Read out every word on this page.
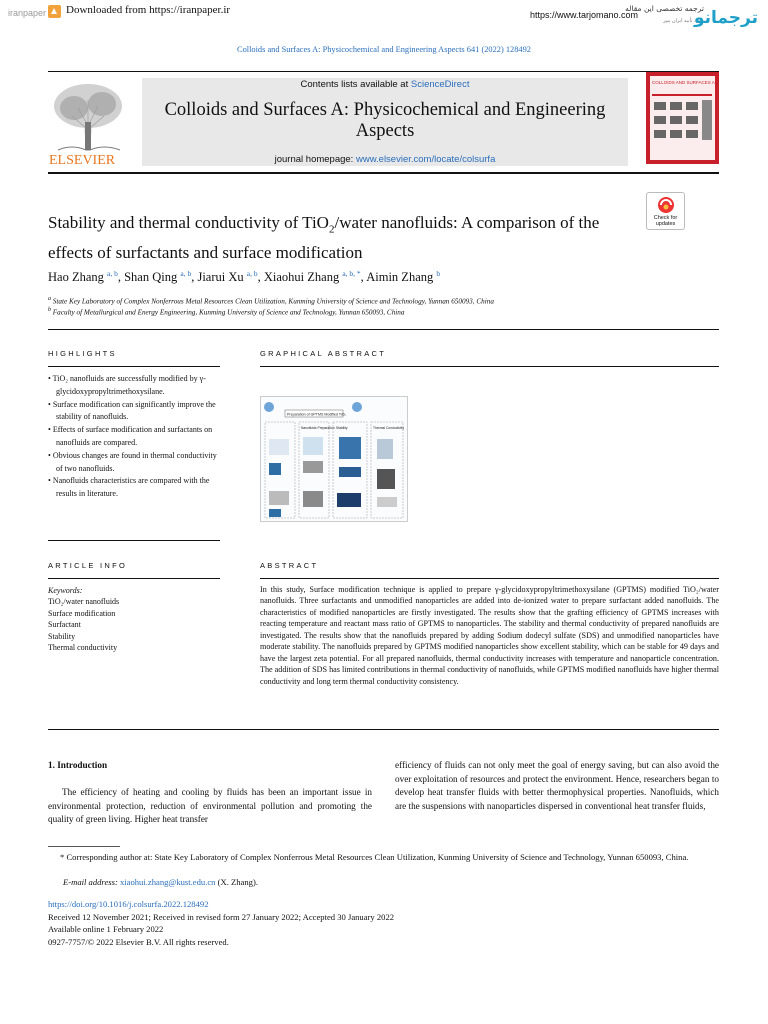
iranpaper Downloaded from https://iranpaper.ir	https://www.tarjomano.com
ترجمه تخصصی این مقاله
مورد تأیید ایران پیپر
ترجمانو
Colloids and Surfaces A: Physicochemical and Engineering Aspects 641 (2022) 128492
ELSEVIER
Contents lists available at ScienceDirect
Colloids and Surfaces A: Physicochemical and Engineering Aspects
journal homepage: www.elsevier.com/locate/colsurfa
COLLOIDS AND SURFACES A
Stability and thermal conductivity of TiO$_2$/water nanofluids: A comparison of the effects of surfactants and surface modification
Check for updates
Hao Zhang $^{a, b}$, Shan Qing $^{a, b}$, Jiarui Xu $^{a, b}$, Xiaohui Zhang $^{a, b, *}$, Aimin Zhang $^b$
$^a$ State Key Laboratory of Complex Nonferrous Metal Resources Clean Utilization, Kunming University of Science and Technology, Yunnan 650093, China
$^b$ Faculty of Metallurgical and Energy Engineering, Kunming University of Science and Technology, Yunnan 650093, China
HIGHLIGHTS
• TiO₂ nanofluids are successfully modified by γ-glycidoxypropyltrimethoxysilane.
• Surface modification can significantly improve the stability of nanofluids.
• Effects of surface modification and surfactants on nanofluids are compared.
• Obvious changes are found in thermal conductivity of two nanofluids.
• Nanofluids characteristics are compared with the results in literature.
GRAPHICAL ABSTRACT
Preparation of GPTMS Modified TiO₂
Nanofluids Preparation Stability	Thermal Conductivity
ARTICLE INFO
Keywords:
TiO₂/water nanofluids
Surface modification
Surfactant
Stability
Thermal conductivity
ABSTRACT
In this study, Surface modification technique is applied to prepare γ-glycidoxypropyltrimethoxysilane (GPTMS) modified TiO₂/water nanofluids. Three surfactants and unmodified nanoparticles are added into de-ionized water to prepare surfactant added nanofluids. The characteristics of modified nanoparticles are firstly investigated. The results show that the grafting efficiency of GPTMS increases with reacting temperature and reactant mass ratio of GPTMS to nanoparticles. The stability and thermal conductivity of prepared nanofluids are investigated. The results show that the nanofluids prepared by adding Sodium dodecyl sulfate (SDS) and unmodified nanoparticles have moderate stability. The nanofluids prepared by GPTMS modified nanoparticles show excellent stability, which can be stable for 49 days and have the largest zeta potential. For all prepared nanofluids, thermal conductivity increases with temperature and nanoparticle concentration. The addition of SDS has limited contributions in thermal conductivity of nanofluids, while GPTMS modified nanofluids have higher thermal conductivity and long term thermal conductivity consistency.
1. Introduction
The efficiency of heating and cooling by fluids has been an important issue in environmental protection, reduction of environmental pollution and promoting the quality of green living. Higher heat transfer
efficiency of fluids can not only meet the goal of energy saving, but can also avoid the over exploitation of resources and protect the environment. Hence, researchers began to develop heat transfer fluids with better thermophysical properties. Nanofluids, which are the suspensions with nanoparticles dispersed in conventional heat transfer fluids,
* Corresponding author at: State Key Laboratory of Complex Nonferrous Metal Resources Clean Utilization, Kunming University of Science and Technology, Yunnan 650093, China.
E-mail address: xiaohui.zhang@kust.edu.cn (X. Zhang).
https://doi.org/10.1016/j.colsurfa.2022.128492
Received 12 November 2021; Received in revised form 27 January 2022; Accepted 30 January 2022
Available online 1 February 2022
0927-7757/© 2022 Elsevier B.V. All rights reserved.
